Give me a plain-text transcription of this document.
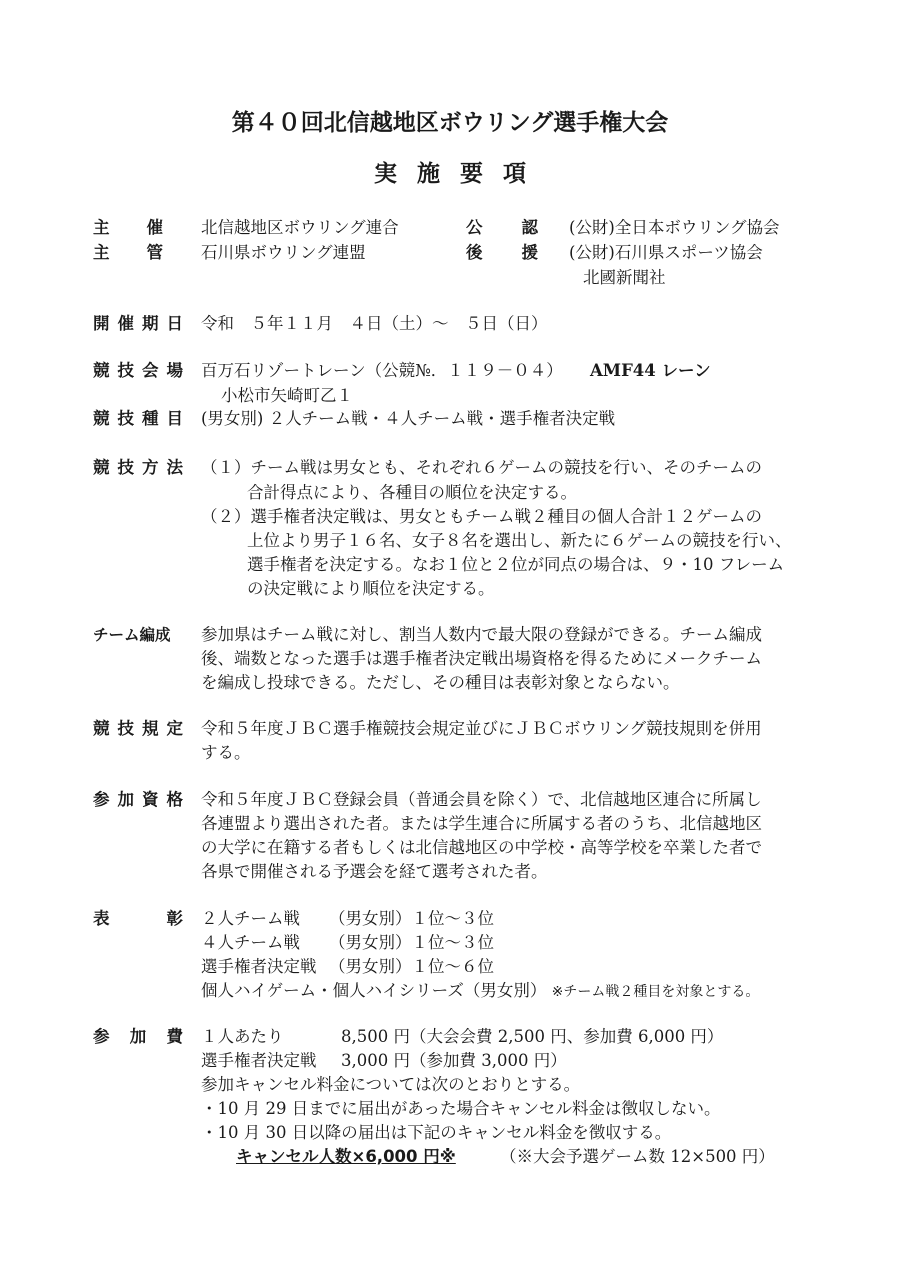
第４０回北信越地区ボウリング選手権大会
実施要項
主 催 北信越地区ボウリング連合	公 認 (公財)全日本ボウリング協会
主 管 石川県ボウリング連盟	後 援 (公財)石川県スポーツ協会
北國新聞社
開 催 期 日 令和　５年１１月　４日（土）～　５日（日）
競 技 会 場 百万石リゾートレーン（公競№．１１９－０４） AMF44 レーン
小松市矢崎町乙１
競 技 種 目 (男女別) ２人チーム戦・４人チーム戦・選手権者決定戦
競 技 方 法 （１）チーム戦は男女とも、それぞれ６ゲームの競技を行い、そのチームの
合計得点により、各種目の順位を決定する。
（２）選手権者決定戦は、男女ともチーム戦２種目の個人合計１２ゲームの
上位より男子１６名、女子８名を選出し、新たに６ゲームの競技を行い、
選手権者を決定する。なお１位と２位が同点の場合は、９・10 フレーム
の決定戦により順位を決定する。
チーム編成 参加県はチーム戦に対し、割当人数内で最大限の登録ができる。チーム編成
後、端数となった選手は選手権者決定戦出場資格を得るためにメークチーム
を編成し投球できる。ただし、その種目は表彰対象とならない。
競 技 規 定 令和５年度ＪＢＣ選手権競技会規定並びにＪＢＣボウリング競技規則を併用
する。
参 加 資 格 令和５年度ＪＢＣ登録会員（普通会員を除く）で、北信越地区連合に所属し
各連盟より選出された者。または学生連合に所属する者のうち、北信越地区
の大学に在籍する者もしくは北信越地区の中学校・高等学校を卒業した者で
各県で開催される予選会を経て選考された者。
表	彰 ２人チーム戦 （男女別）１位～３位
４人チーム戦 （男女別）１位～３位
選手権者決定戦 （男女別）１位～６位
個人ハイゲーム・個人ハイシリーズ（男女別） ※チーム戦２種目を対象とする。
参 加 費 １人あたり	8,500 円（大会会費 2,500 円、参加費 6,000 円）
選手権者決定戦 3,000 円（参加費 3,000 円）
参加キャンセル料金については次のとおりとする。
・10 月 29 日までに届出があった場合キャンセル料金は徴収しない。
・10 月 30 日以降の届出は下記のキャンセル料金を徴収する。
キャンセル人数×6,000 円※	（※大会予選ゲーム数 12×500 円）
